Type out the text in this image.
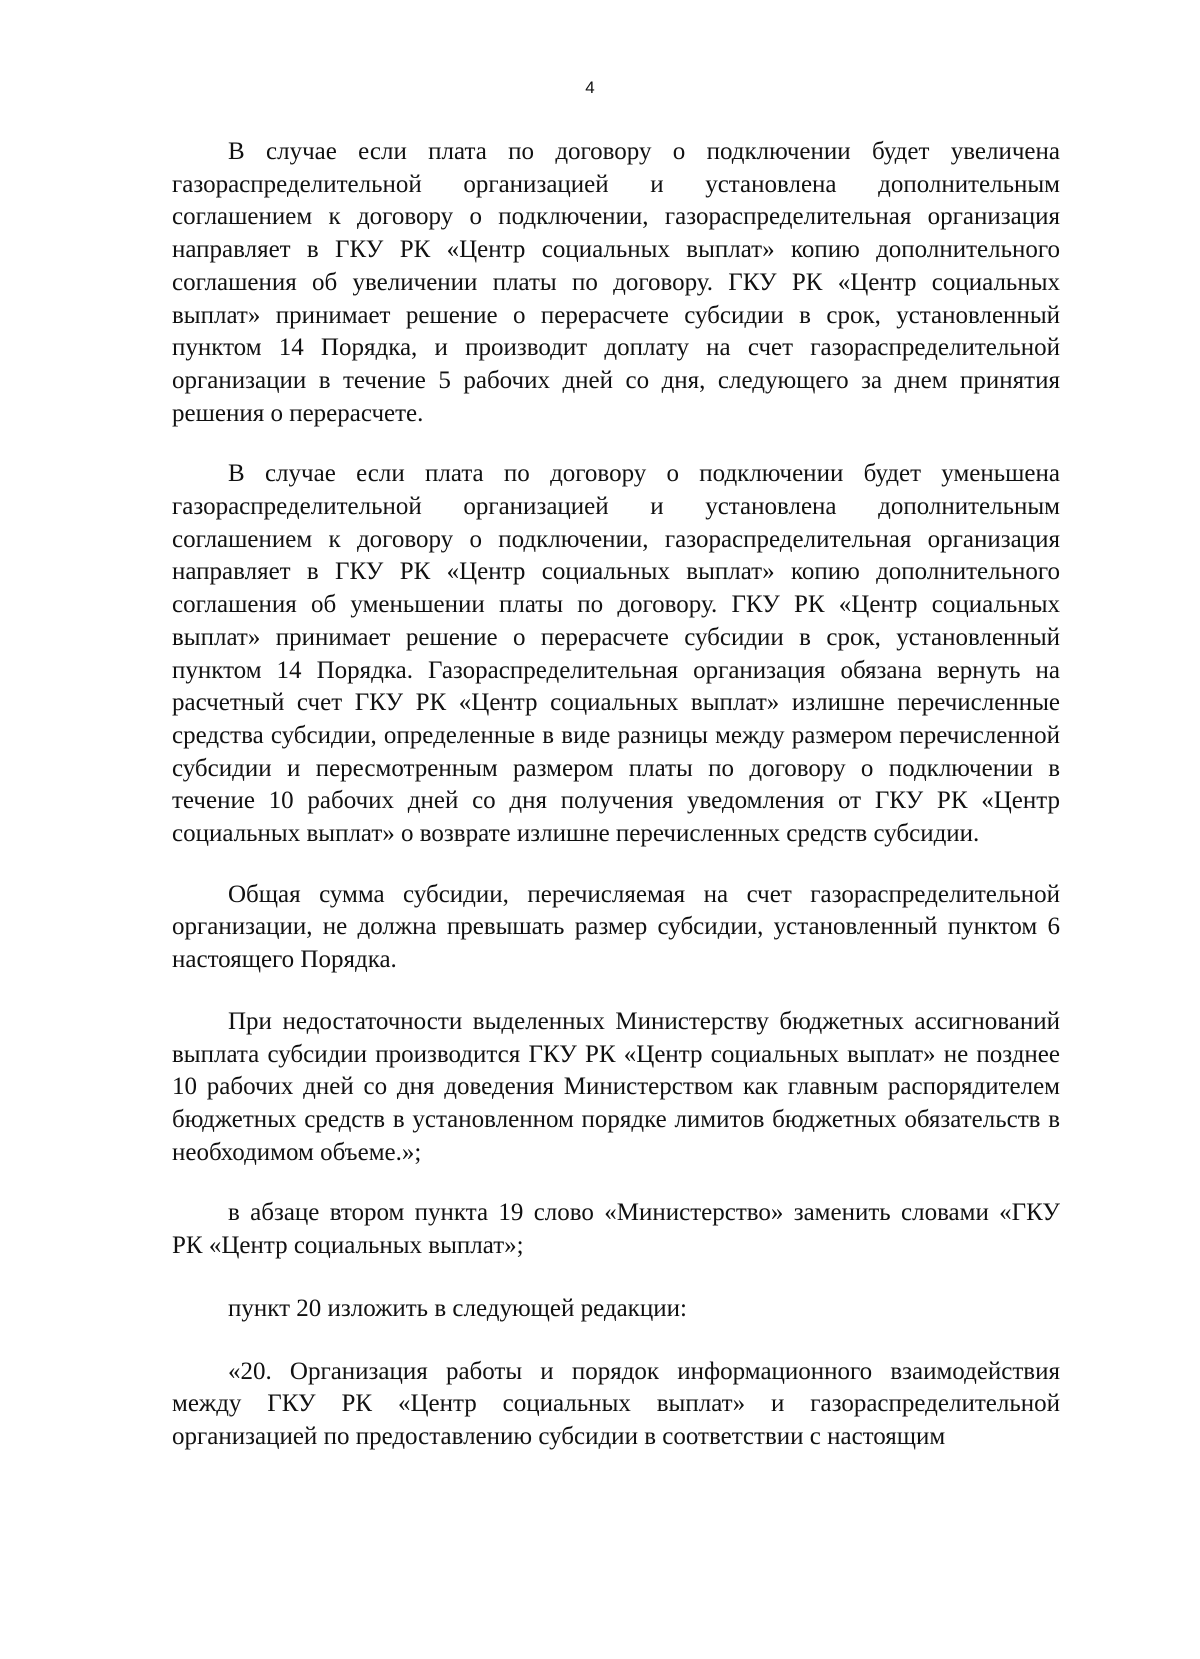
4

В случае если плата по договору о подключении будет увеличена газораспределительной организацией и установлена дополнительным соглашением к договору о подключении, газораспределительная организация направляет в ГКУ РК «Центр социальных выплат» копию дополнительного соглашения об увеличении платы по договору. ГКУ РК «Центр социальных выплат» принимает решение о перерасчете субсидии в срок, установленный пунктом 14 Порядка, и производит доплату на счет газораспределительной организации в течение 5 рабочих дней со дня, следующего за днем принятия решения о перерасчете.

В случае если плата по договору о подключении будет уменьшена газораспределительной организацией и установлена дополнительным соглашением к договору о подключении, газораспределительная организация направляет в ГКУ РК «Центр социальных выплат» копию дополнительного соглашения об уменьшении платы по договору. ГКУ РК «Центр социальных выплат» принимает решение о перерасчете субсидии в срок, установленный пунктом 14 Порядка. Газораспределительная организация обязана вернуть на расчетный счет ГКУ РК «Центр социальных выплат» излишне перечисленные средства субсидии, определенные в виде разницы между размером перечисленной субсидии и пересмотренным размером платы по договору о подключении в течение 10 рабочих дней со дня получения уведомления от ГКУ РК «Центр социальных выплат» о возврате излишне перечисленных средств субсидии.

Общая сумма субсидии, перечисляемая на счет газораспределительной организации, не должна превышать размер субсидии, установленный пунктом 6 настоящего Порядка.

При недостаточности выделенных Министерству бюджетных ассигнований выплата субсидии производится ГКУ РК «Центр социальных выплат» не позднее 10 рабочих дней со дня доведения Министерством как главным распорядителем бюджетных средств в установленном порядке лимитов бюджетных обязательств в необходимом объеме.»;

в абзаце втором пункта 19 слово «Министерство» заменить словами «ГКУ РК «Центр социальных выплат»;

пункт 20 изложить в следующей редакции:

«20. Организация работы и порядок информационного взаимодействия между ГКУ РК «Центр социальных выплат» и газораспределительной организацией по предоставлению субсидии в соответствии с настоящим
